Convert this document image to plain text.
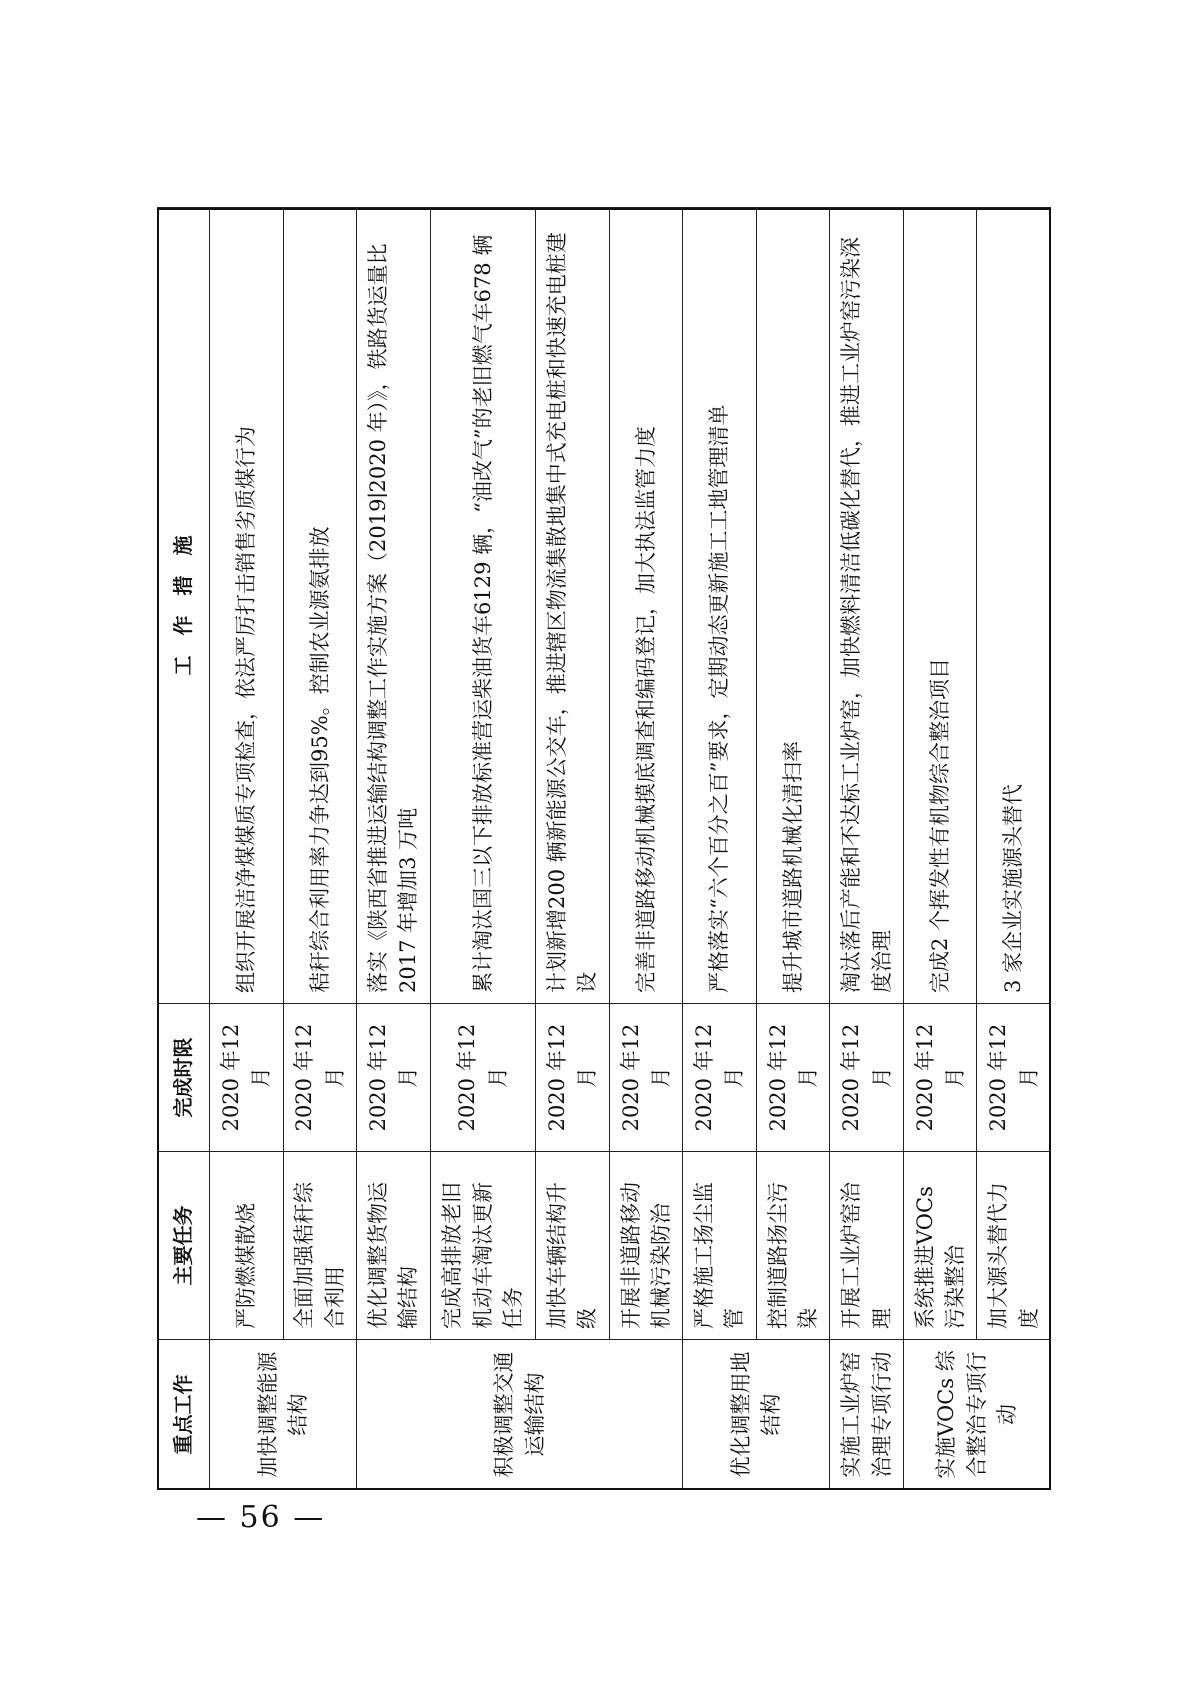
重点工作	主要任务	完成时限	工　作　措　施
加快调整能源结构	严防燃煤散烧	2020 年12 月	组织开展洁净煤煤质专项检查，依法严厉打击销售劣质煤行为
	全面加强秸秆综合利用	2020 年12 月	秸秆综合利用率力争达到95%。控制农业源氨排放
积极调整交通运输结构	优化调整货物运输结构	2020 年12 月	落实《陕西省推进运输结构调整工作实施方案（2019∣2020 年）》，铁路货运量比2017 年增加3 万吨
	完成高排放老旧机动车淘汰更新任务	2020 年12 月	累计淘汰国三以下排放标准营运柴油货车6129 辆，“油改气”的老旧燃气车678 辆
	加快车辆结构升级	2020 年12 月	计划新增200 辆新能源公交车，推进辖区物流集散地集中式充电桩和快速充电桩建设
	开展非道路移动机械污染防治	2020 年12 月	完善非道路移动机械摸底调查和编码登记，加大执法监管力度
优化调整用地结构	严格施工扬尘监管	2020 年12 月	严格落实“六个百分之百”要求，定期动态更新施工工地管理清单
	控制道路扬尘污染	2020 年12 月	提升城市道路机械化清扫率
实施工业炉窑治理专项行动	开展工业炉窑治理	2020 年12 月	淘汰落后产能和不达标工业炉窑，加快燃料清洁低碳化替代，推进工业炉窑污染深度治理
实施VOCs 综合整治专项行动	系统推进VOCs 污染整治	2020 年12 月	完成2 个挥发性有机物综合整治项目
	加大源头替代力度	2020 年12 月	3 家企业实施源头替代
— 56 —
